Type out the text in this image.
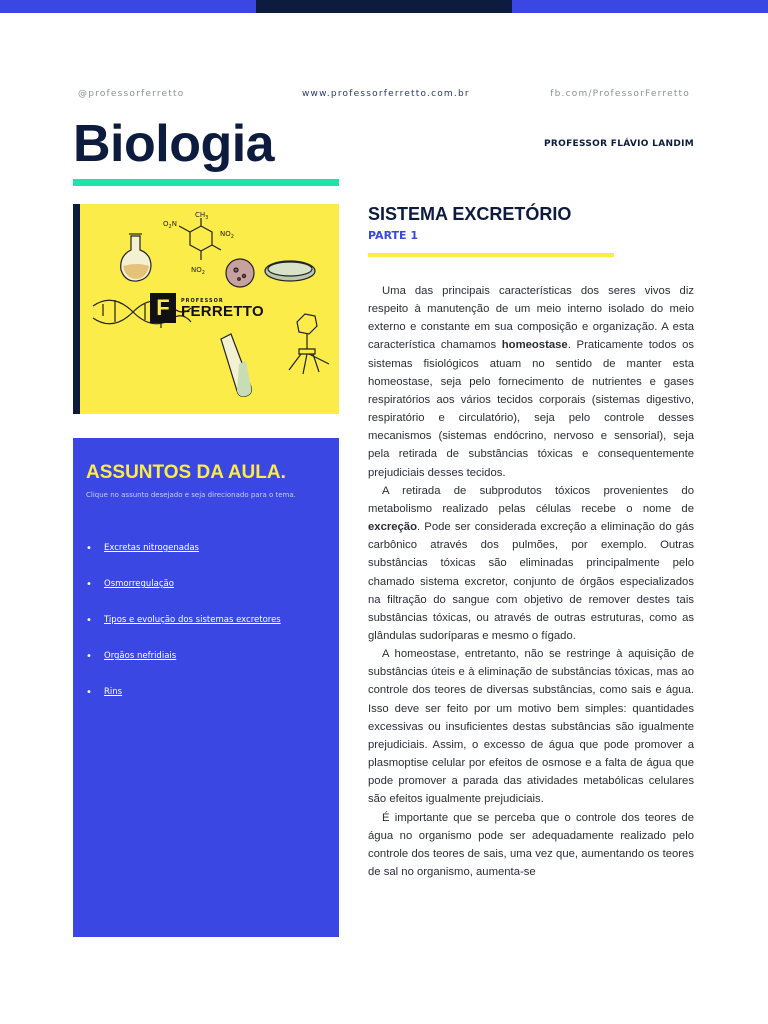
@professorferretto	www.professorferretto.com.br	fb.com/ProfessorFerretto
Biologia	PROFESSOR FLÁVIO LANDIM
$CH_3$
$O_2N$
$NO_2$
$NO_2$
F	PROFESSOR
FERRETTO
ASSUNTOS DA AULA.
Clique no assunto desejado e seja direcionado para o tema.
•	Excretas nitrogenadas
•	Osmorregulação
•	Tipos e evolução dos sistemas excretores
•	Orgãos nefridiais
•	Rins
SISTEMA EXCRETÓRIO
PARTE 1

Uma das principais características dos seres vivos diz respeito à manutenção de um meio interno isolado do meio externo e constante em sua composição e organização. A esta característica chamamos homeostase. Praticamente todos os sistemas fisiológicos atuam no sentido de manter esta homeostase, seja pelo fornecimento de nutrientes e gases respiratórios aos vários tecidos corporais (sistemas digestivo, respiratório e circulatório), seja pelo controle desses mecanismos (sistemas endócrino, nervoso e sensorial), seja pela retirada de substâncias tóxicas e consequentemente prejudiciais desses tecidos.

A retirada de subprodutos tóxicos provenientes do metabolismo realizado pelas células recebe o nome de excreção. Pode ser considerada excreção a eliminação do gás carbônico através dos pulmões, por exemplo. Outras substâncias tóxicas são eliminadas principalmente pelo chamado sistema excretor, conjunto de órgãos especializados na filtração do sangue com objetivo de remover destes tais substâncias tóxicas, ou através de outras estruturas, como as glândulas sudoríparas e mesmo o fígado.

A homeostase, entretanto, não se restringe à aquisição de substâncias úteis e à eliminação de substâncias tóxicas, mas ao controle dos teores de diversas substâncias, como sais e água. Isso deve ser feito por um motivo bem simples: quantidades excessivas ou insuficientes destas substâncias são igualmente prejudiciais. Assim, o excesso de água que pode promover a plasmoptise celular por efeitos de osmose e a falta de água que pode promover a parada das atividades metabólicas celulares são efeitos igualmente prejudiciais.

É importante que se perceba que o controle dos teores de água no organismo pode ser adequadamente realizado pelo controle dos teores de sais, uma vez que, aumentando os teores de sal no organismo, aumenta-se
